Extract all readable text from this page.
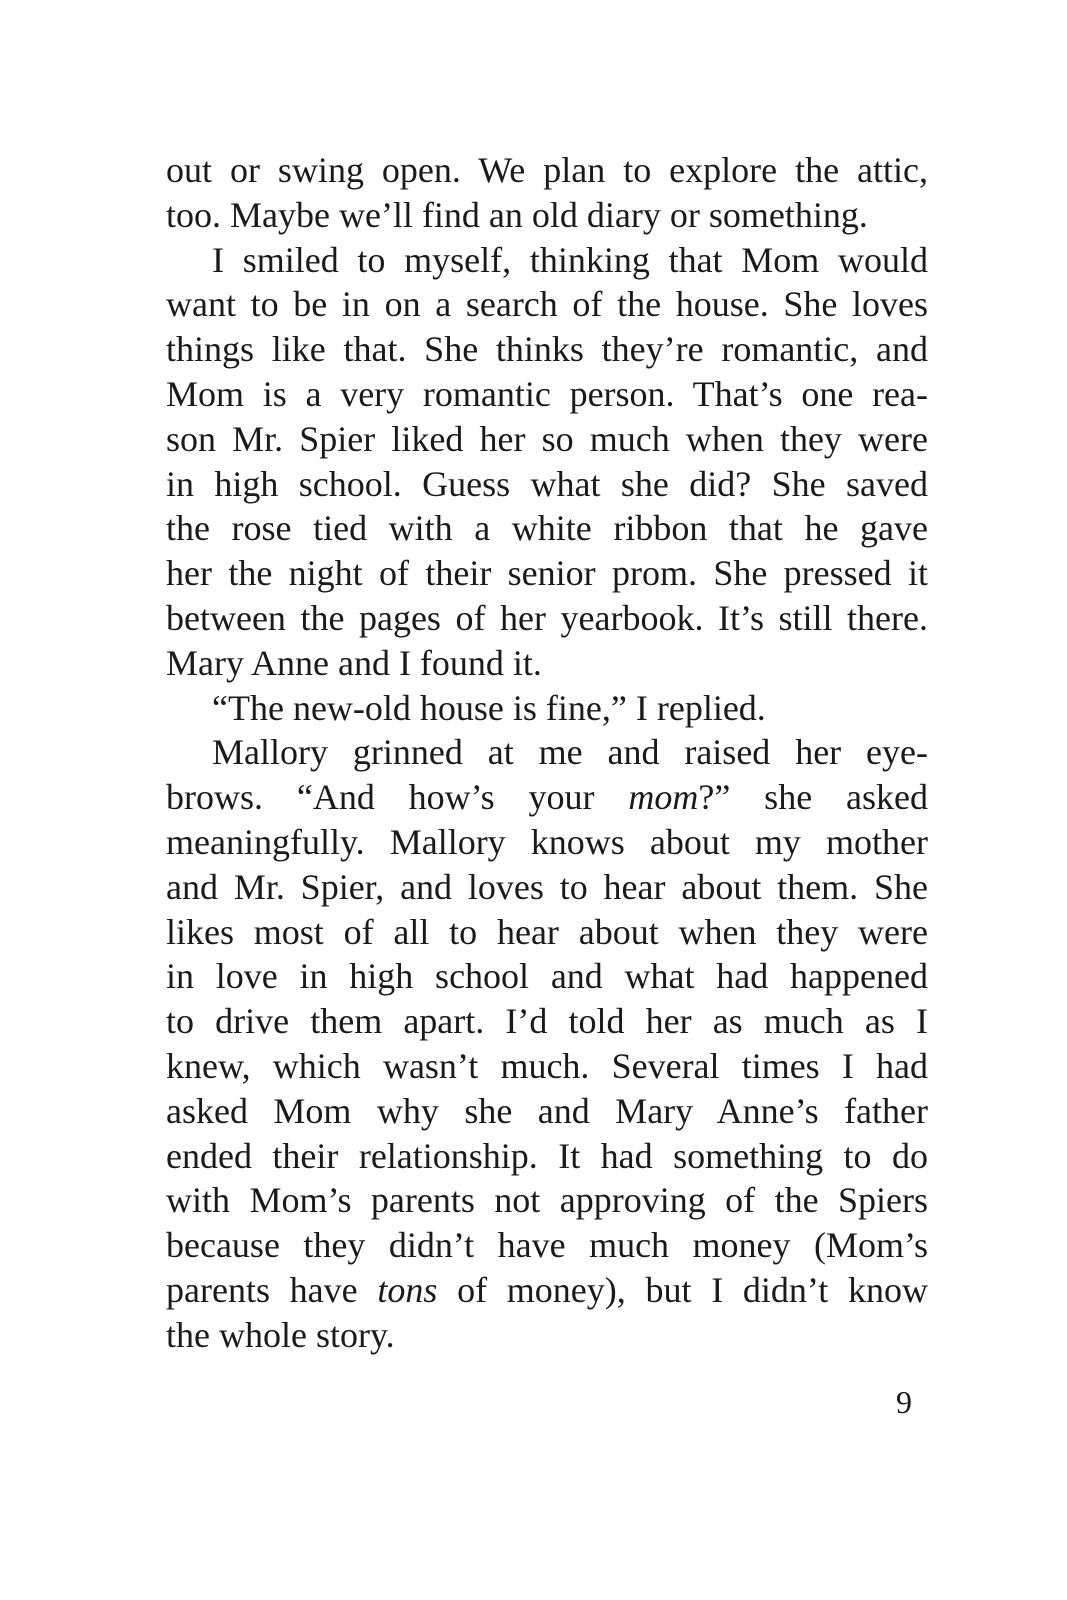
out or swing open. We plan to explore the attic,
too. Maybe we’ll find an old diary or something.
I smiled to myself, thinking that Mom would
want to be in on a search of the house. She loves
things like that. She thinks they’re romantic, and
Mom is a very romantic person. That’s one rea-
son Mr. Spier liked her so much when they were
in high school. Guess what she did? She saved
the rose tied with a white ribbon that he gave
her the night of their senior prom. She pressed it
between the pages of her yearbook. It’s still there.
Mary Anne and I found it.
“The new-old house is fine,” I replied.
Mallory grinned at me and raised her eye-
brows. “And how’s your mom?” she asked
meaningfully. Mallory knows about my mother
and Mr. Spier, and loves to hear about them. She
likes most of all to hear about when they were
in love in high school and what had happened
to drive them apart. I’d told her as much as I
knew, which wasn’t much. Several times I had
asked Mom why she and Mary Anne’s father
ended their relationship. It had something to do
with Mom’s parents not approving of the Spiers
because they didn’t have much money (Mom’s
parents have tons of money), but I didn’t know
the whole story.
9
